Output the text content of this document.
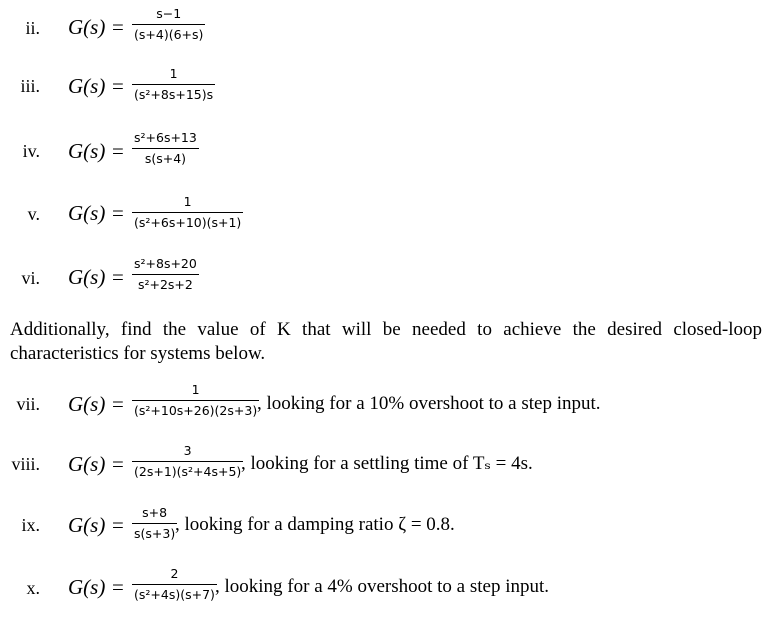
ii. G(s) =
s−1
(s+4)(6+s)
iii. G(s) =
1
(s²+8s+15)s
iv. G(s) =
s²+6s+13
s(s+4)
v. G(s) =	1
(s²+6s+10)(s+1)
vi. G(s) =
s²+8s+20
s²+2s+2
Additionally, find the value of K that will be needed to achieve the desired closed-loop
characteristics for systems below.
vii. G(s) =
1
(s²+10s+26)(2s+3) , looking for a 10% overshoot to a step input.
viii. G(s) =
3
(2s+1)(s²+4s+5) , looking for a settling time of Tₛ = 4s.
ix. G(s) =
s+8
s(s+3) , looking for a damping ratio ζ = 0.8.
x. G(s) =
2
(s²+4s)(s+7) , looking for a 4% overshoot to a step input.
